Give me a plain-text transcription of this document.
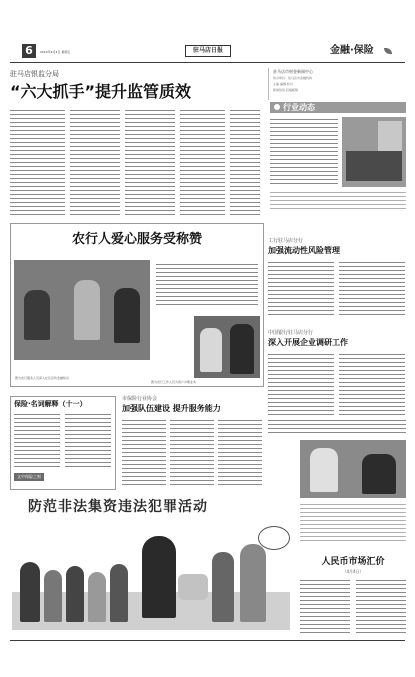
6	2014年4月4日 星期五	驻马店日报	金融·保险
驻马店银监分局
“六大抓手”提升监管质效
驻马店市财金新闻中心
协办单位：驻马店市金融机构
主编 编辑 校对
新闻热线 投稿邮箱
行业动态
农行人爱心服务受称赞
图为农行服务人员深入社区宣传金融知识
图为农行工作人员为客户办理业务
工行驻马店分行
加强流动性风险管理
中国银行驻马店分行
深入开展企业调研工作
保险·名词解释（十一）
文中保险之窗
市保险行业协会
加强队伍建设 提升服务能力
防范非法集资违法犯罪活动
人民币市场汇价
（4月4日）
